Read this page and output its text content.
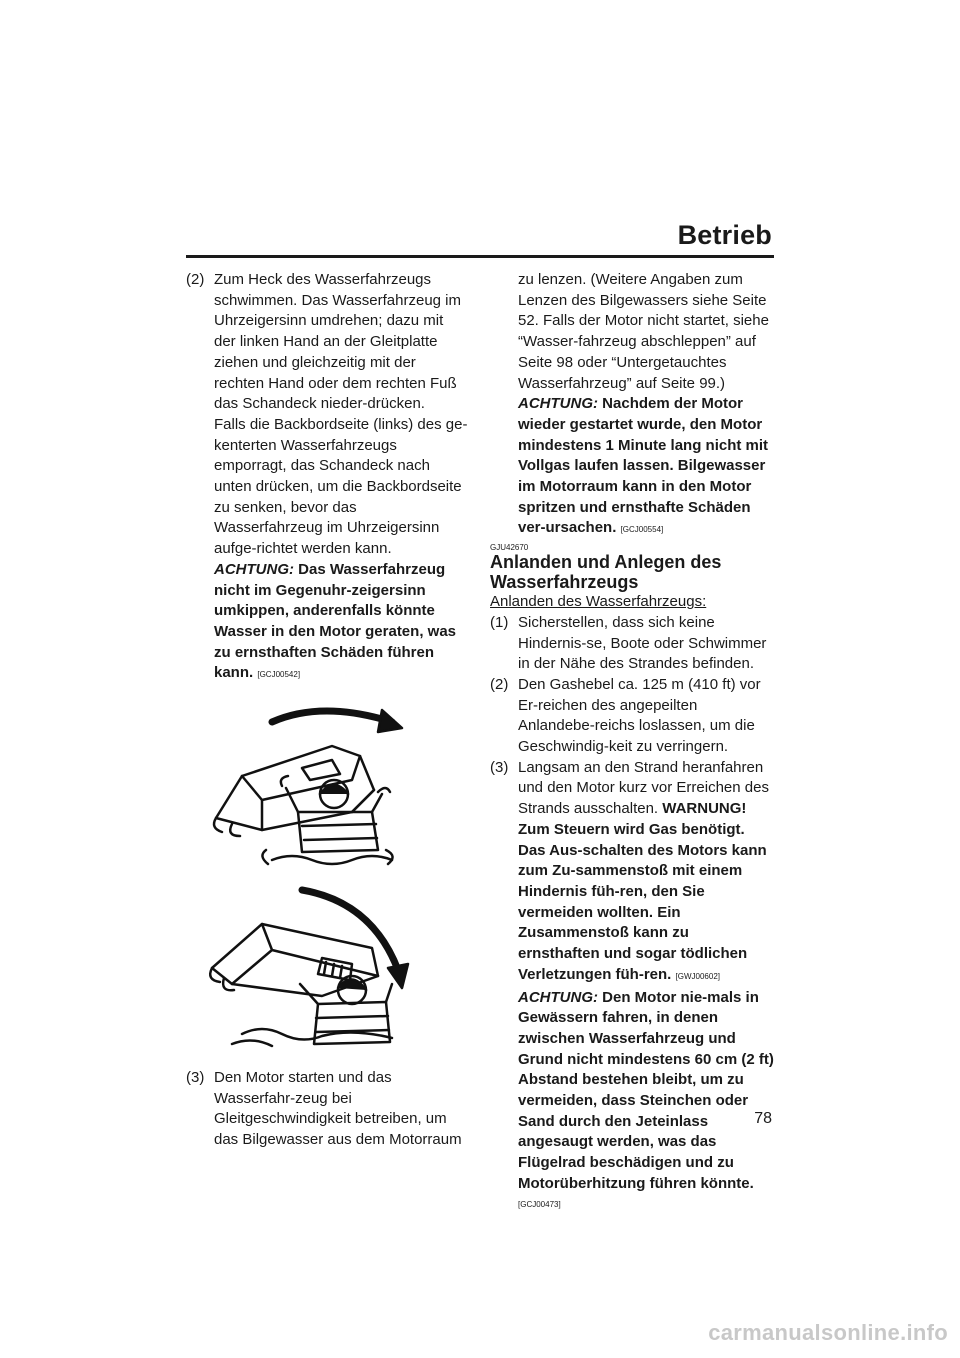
Betrieb
(2) Zum Heck des Wasserfahrzeugs schwimmen. Das Wasserfahrzeug im Uhrzeigersinn umdrehen; dazu mit der linken Hand an der Gleitplatte ziehen und gleichzeitig mit der rechten Hand oder dem rechten Fuß das Schandeck nieder-drücken.

Falls die Backbordseite (links) des ge-kenterten Wasserfahrzeugs emporragt, das Schandeck nach unten drücken, um die Backbordseite zu senken, bevor das Wasserfahrzeug im Uhrzeigersinn aufge-richtet werden kann. ACHTUNG: Das Wasserfahrzeug nicht im Gegenuhr-zeigersinn umkippen, anderenfalls könnte Wasser in den Motor geraten, was zu ernsthaften Schäden führen kann. [GCJ00542]

(3) Den Motor starten und das Wasserfahr-zeug bei Gleitgeschwindigkeit betreiben, um das Bilgewasser aus dem Motorraum

zu lenzen. (Weitere Angaben zum Lenzen des Bilgewassers siehe Seite 52. Falls der Motor nicht startet, siehe “Wasser-fahrzeug abschleppen” auf Seite 98 oder “Untergetauchtes Wasserfahrzeug” auf Seite 99.) ACHTUNG: Nachdem der Motor wieder gestartet wurde, den Motor mindestens 1 Minute lang nicht mit Vollgas laufen lassen. Bilgewasser im Motorraum kann in den Motor spritzen und ernsthafte Schäden ver-ursachen. [GCJ00554]

GJU42670
Anlanden und Anlegen des Wasserfahrzeugs

Anlanden des Wasserfahrzeugs:

(1) Sicherstellen, dass sich keine Hindernis-se, Boote oder Schwimmer in der Nähe des Strandes befinden.

(2) Den Gashebel ca. 125 m (410 ft) vor Er-reichen des angepeilten Anlandebe-reichs loslassen, um die Geschwindig-keit zu verringern.

(3) Langsam an den Strand heranfahren und den Motor kurz vor Erreichen des Strands ausschalten. WARNUNG! Zum Steuern wird Gas benötigt. Das Aus-schalten des Motors kann zum Zu-sammenstoß mit einem Hindernis füh-ren, den Sie vermeiden wollten. Ein Zusammenstoß kann zu ernsthaften und sogar tödlichen Verletzungen füh-ren. [GWJ00602] ACHTUNG: Den Motor nie-mals in Gewässern fahren, in denen zwischen Wasserfahrzeug und Grund nicht mindestens 60 cm (2 ft) Abstand bestehen bleibt, um zu vermeiden, dass Steinchen oder Sand durch den Jeteinlass angesaugt werden, was das Flügelrad beschädigen und zu Motorüberhitzung führen könnte.

[GCJ00473]

78
carmanualsonline.info
